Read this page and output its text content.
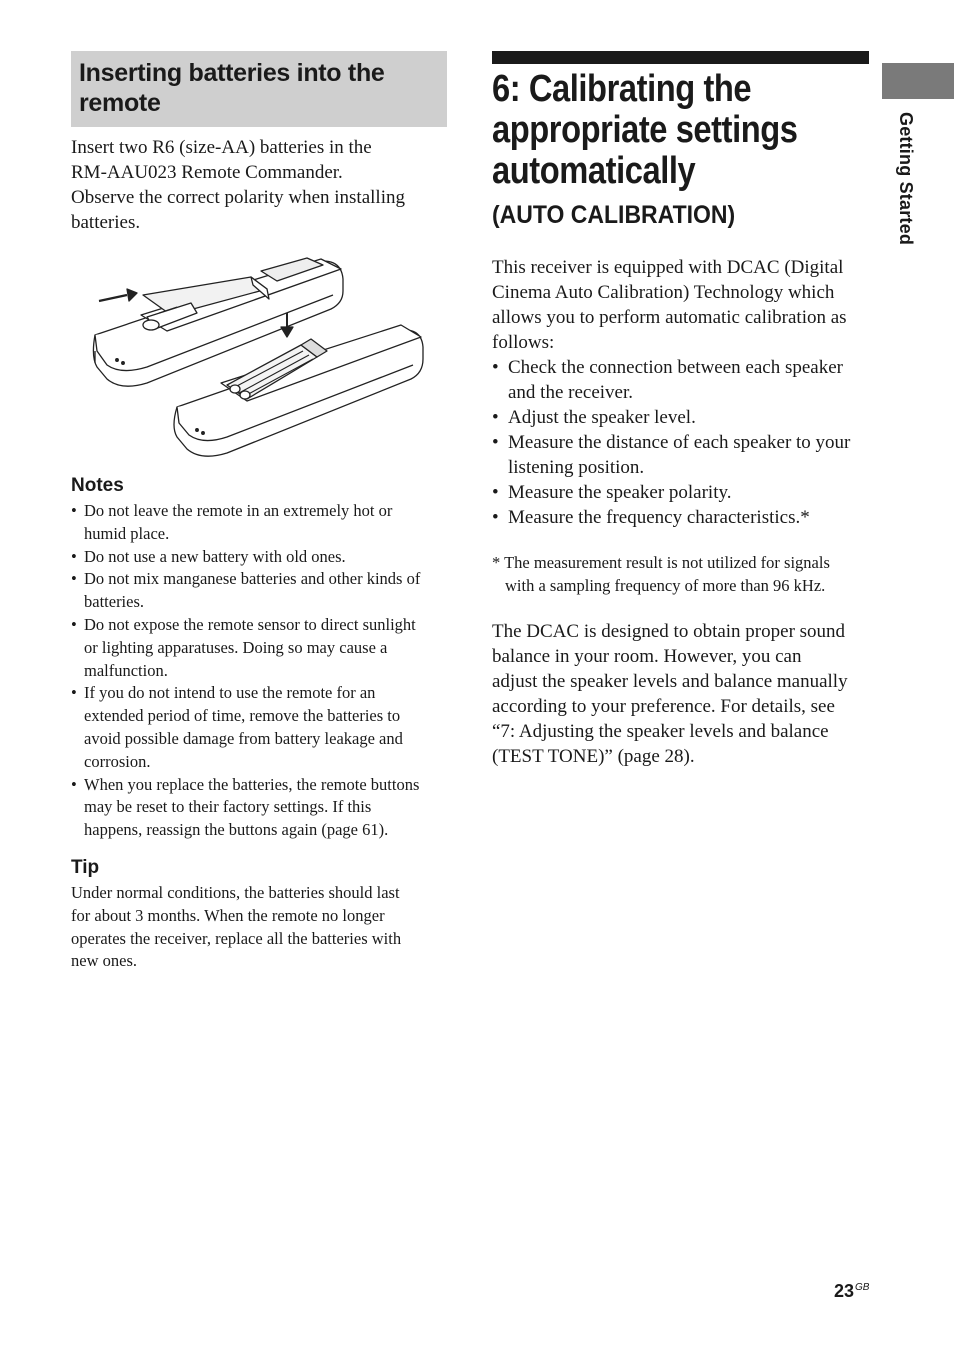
Getting Started
Inserting batteries into the
remote

Insert two R6 (size-AA) batteries in the
RM-AAU023 Remote Commander.
Observe the correct polarity when installing
batteries.

Notes
• Do not leave the remote in an extremely hot or
humid place.
• Do not use a new battery with old ones.
• Do not mix manganese batteries and other kinds of
batteries.
• Do not expose the remote sensor to direct sunlight
or lighting apparatuses. Doing so may cause a
malfunction.
• If you do not intend to use the remote for an
extended period of time, remove the batteries to
avoid possible damage from battery leakage and
corrosion.
• When you replace the batteries, the remote buttons
may be reset to their factory settings. If this
happens, reassign the buttons again (page 61).
Tip

Under normal conditions, the batteries should last
for about 3 months. When the remote no longer
operates the receiver, replace all the batteries with
new ones.

6: Calibrating the
appropriate settings
automatically
(AUTO CALIBRATION)

This receiver is equipped with DCAC (Digital
Cinema Auto Calibration) Technology which
allows you to perform automatic calibration as
follows:

• Check the connection between each speaker
and the receiver.
• Adjust the speaker level.
• Measure the distance of each speaker to your
listening position.
• Measure the speaker polarity.
• Measure the frequency characteristics.*

* The measurement result is not utilized for signals
with a sampling frequency of more than 96 kHz.

The DCAC is designed to obtain proper sound
balance in your room. However, you can
adjust the speaker levels and balance manually
according to your preference. For details, see
“7: Adjusting the speaker levels and balance
(TEST TONE)” (page 28).

$23^{GB}$
